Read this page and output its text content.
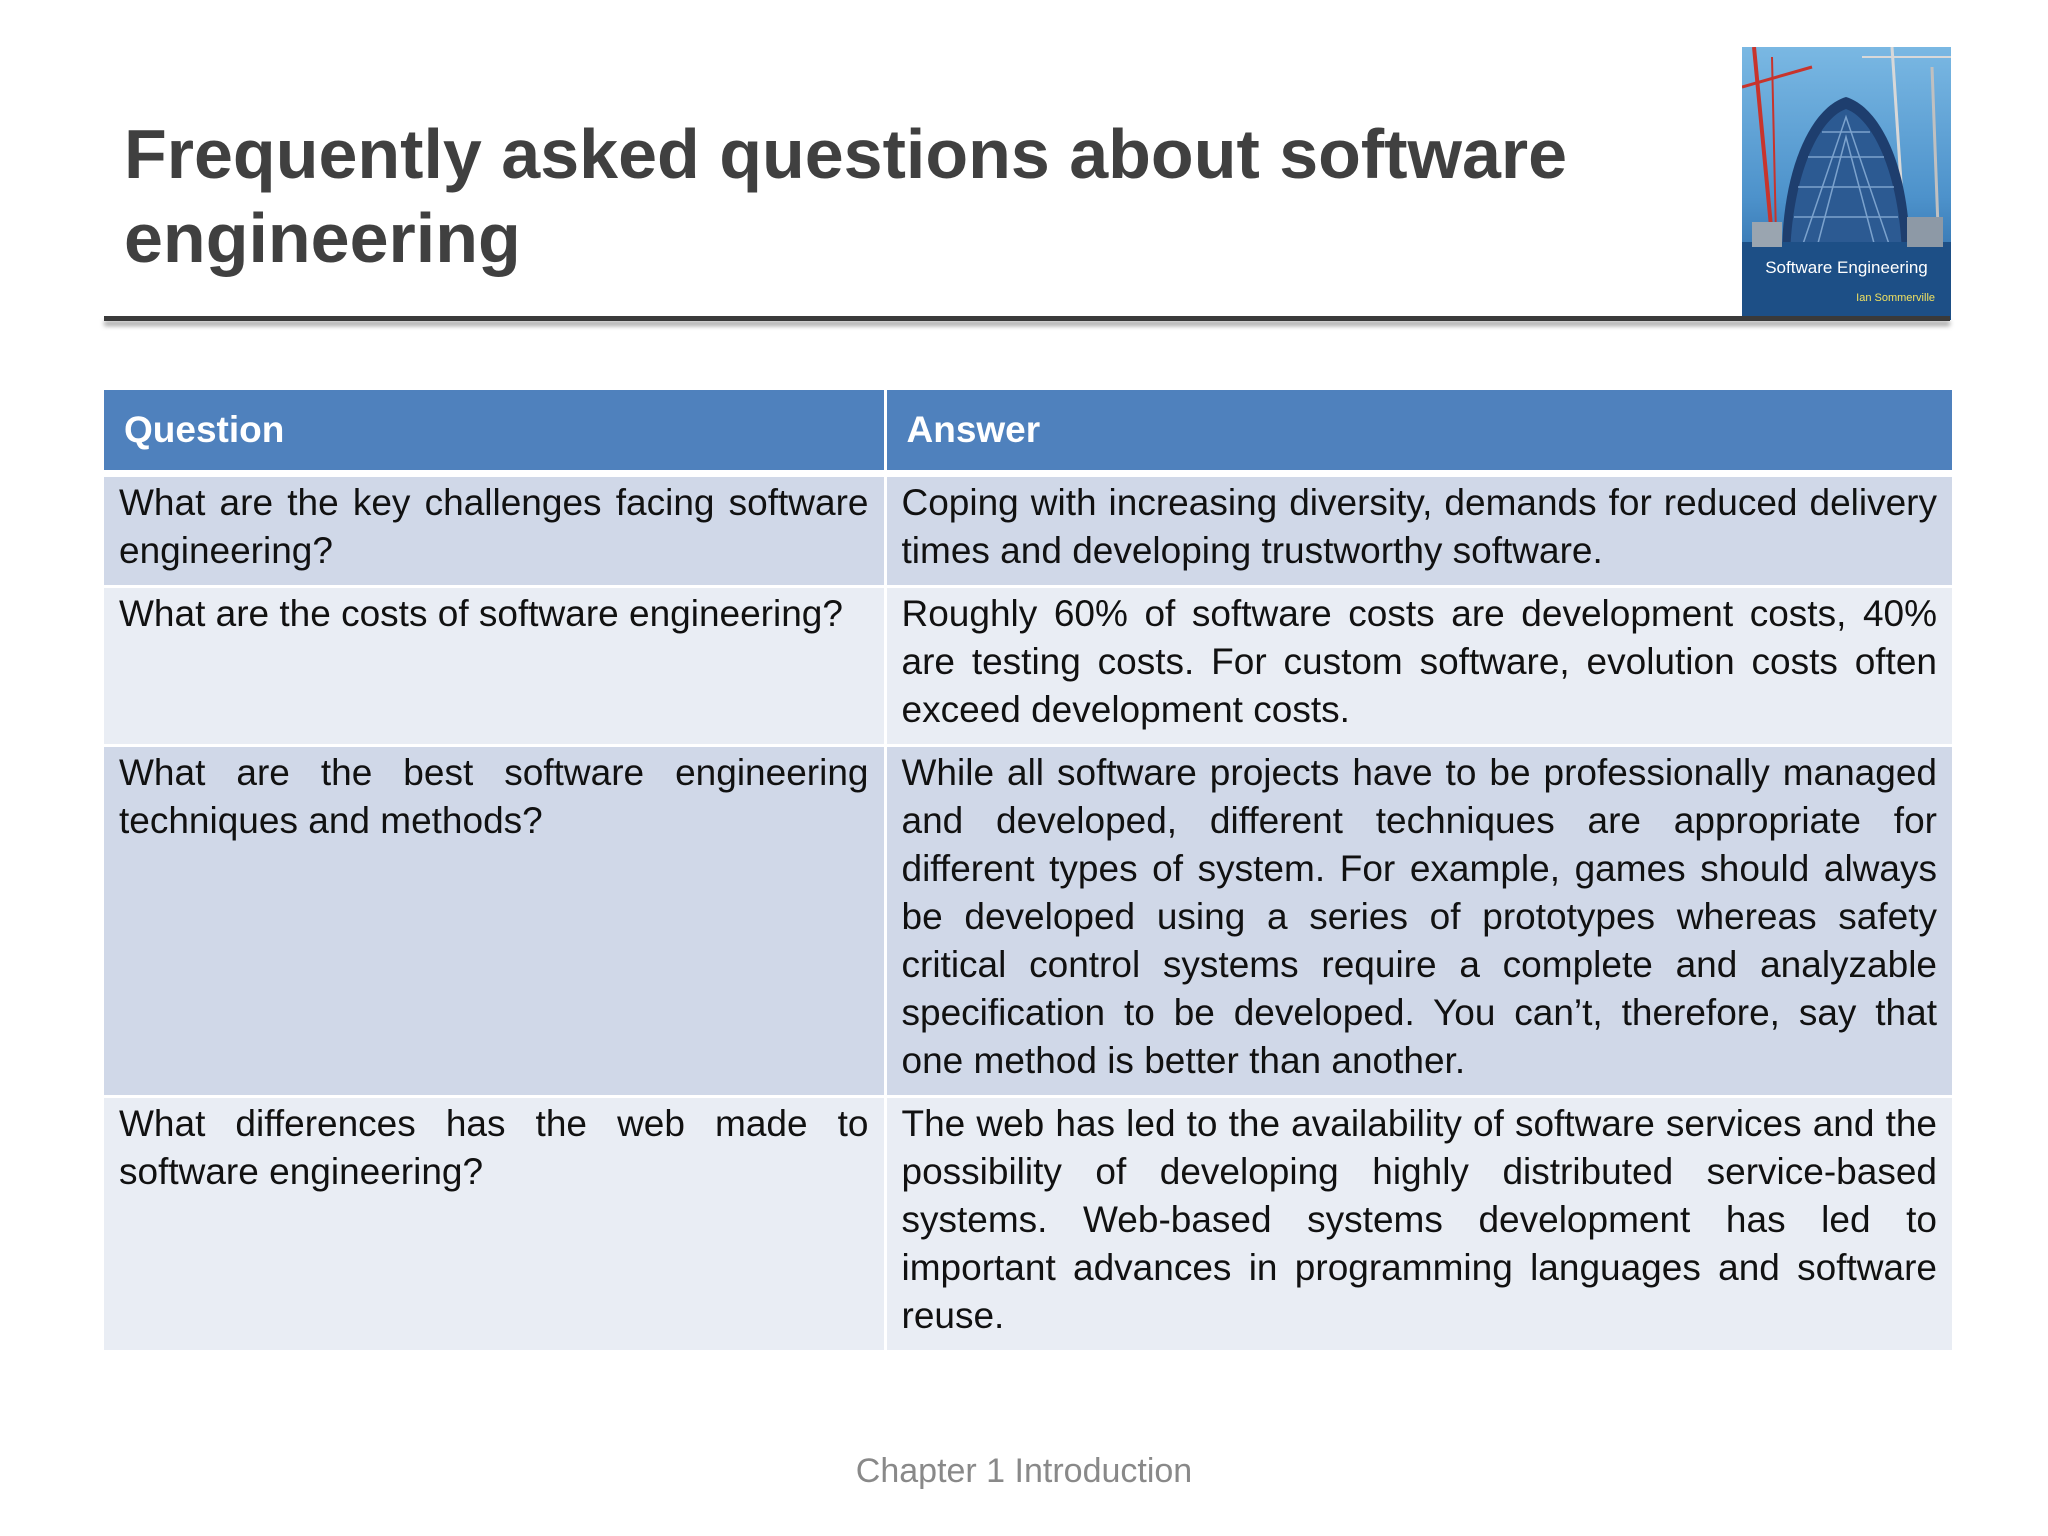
Frequently asked questions about software engineering	Software Engineering
Ian Sommerville
Question	Answer
What are the key challenges facing software engineering?	Coping with increasing diversity, demands for reduced delivery times and developing trustworthy software.
What are the costs of software engineering?	Roughly 60% of software costs are development costs, 40% are testing costs. For custom software, evolution costs often exceed development costs.
What are the best software engineering techniques and methods?	While all software projects have to be professionally managed and developed, different techniques are appropriate for different types of system. For example, games should always be developed using a series of prototypes whereas safety critical control systems require a complete and analyzable specification to be developed. You can’t, therefore, say that one method is better than another.
What differences has the web made to software engineering?	The web has led to the availability of software services and the possibility of developing highly distributed service-based systems. Web-based systems development has led to important advances in programming languages and software reuse.
Chapter 1 Introduction
